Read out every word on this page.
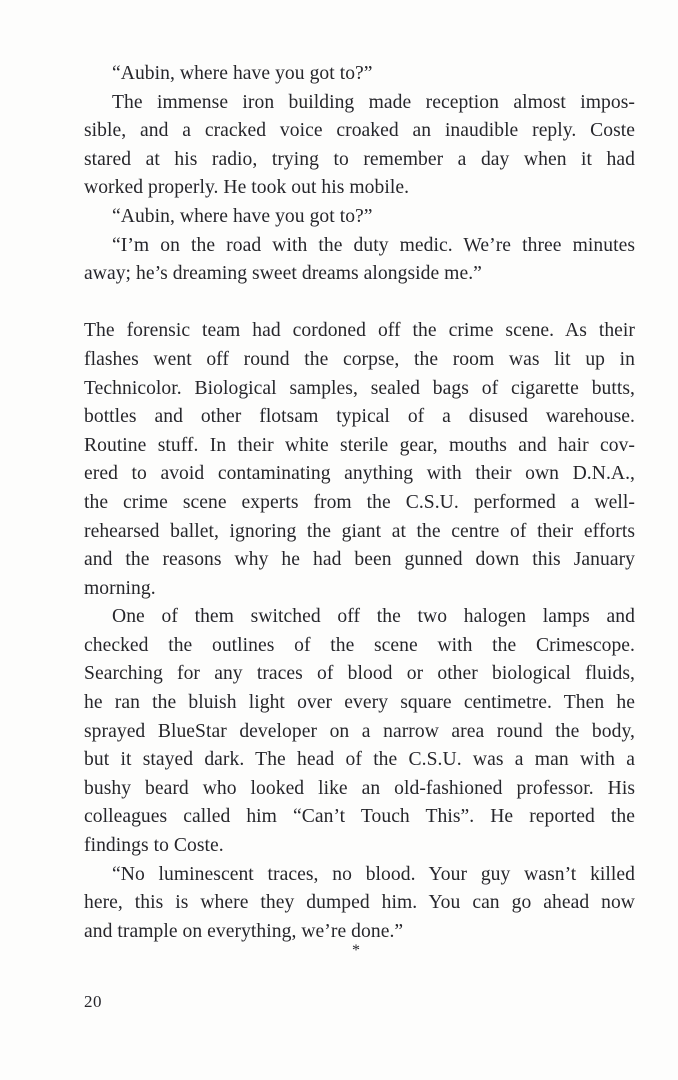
“Aubin, where have you got to?”
The immense iron building made reception almost impos-
sible, and a cracked voice croaked an inaudible reply. Coste
stared at his radio, trying to remember a day when it had
worked properly. He took out his mobile.
“Aubin, where have you got to?”
“I’m on the road with the duty medic. We’re three minutes
away; he’s dreaming sweet dreams alongside me.”
The forensic team had cordoned off the crime scene. As their
flashes went off round the corpse, the room was lit up in
Technicolor. Biological samples, sealed bags of cigarette butts,
bottles and other flotsam typical of a disused warehouse.
Routine stuff. In their white sterile gear, mouths and hair cov-
ered to avoid contaminating anything with their own D.N.A.,
the crime scene experts from the C.S.U. performed a well-
rehearsed ballet, ignoring the giant at the centre of their efforts
and the reasons why he had been gunned down this January
morning.
One of them switched off the two halogen lamps and
checked the outlines of the scene with the Crimescope.
Searching for any traces of blood or other biological fluids,
he ran the bluish light over every square centimetre. Then he
sprayed BlueStar developer on a narrow area round the body,
but it stayed dark. The head of the C.S.U. was a man with a
bushy beard who looked like an old-fashioned professor. His
colleagues called him “Can’t Touch This”. He reported the
findings to Coste.
“No luminescent traces, no blood. Your guy wasn’t killed
here, this is where they dumped him. You can go ahead now
and trample on everything, we’re done.”
*
20
